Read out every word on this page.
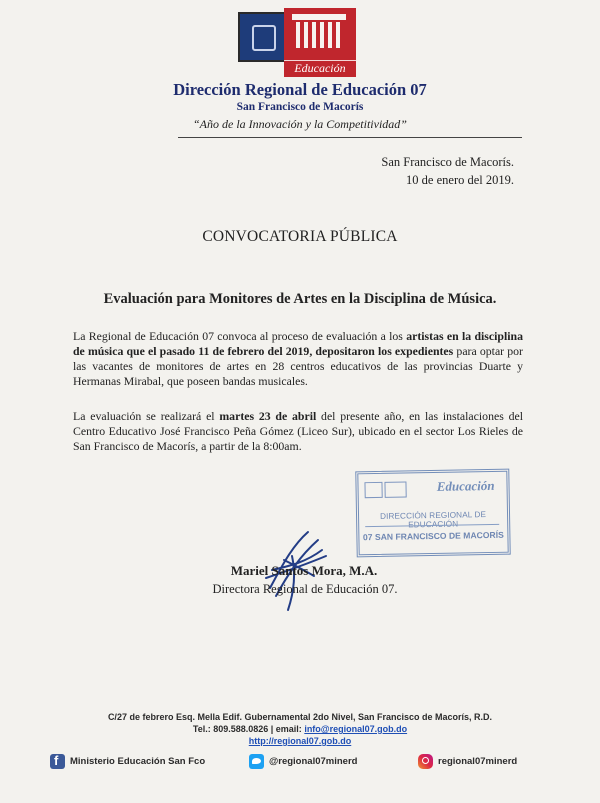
Educación
Dirección Regional de Educación 07
San Francisco de Macorís
“Año de la Innovación y la Competitividad”
San Francisco de Macorís.
10 de enero del 2019.
CONVOCATORIA PÚBLICA
Evaluación para Monitores de Artes en la Disciplina de Música.
La Regional de Educación 07 convoca al proceso de evaluación a los artistas en la disciplina de música que el pasado 11 de febrero del 2019, depositaron los expedientes para optar por las vacantes de monitores de artes en 28 centros educativos de las provincias Duarte y Hermanas Mirabal, que poseen bandas musicales.
La evaluación se realizará el martes 23 de abril del presente año, en las instalaciones del Centro Educativo José Francisco Peña Gómez (Liceo Sur), ubicado en el sector Los Rieles de San Francisco de Macorís, a partir de la 8:00am.
Educación
DIRECCIÓN REGIONAL DE
07 SAN FRANCISCO DE MACORÍS
Mariel Santos Mora, M.A.
Directora Regional de Educación 07.
C/27 de febrero Esq. Mella Edif. Gubernamental 2do Nivel, San Francisco de Macorís, R.D.
Tel.: 809.588.0826 | email: info@regional07.gob.do
http://regional07.gob.do
f
Ministerio Educación San Fco	@regional07minerd	regional07minerd
